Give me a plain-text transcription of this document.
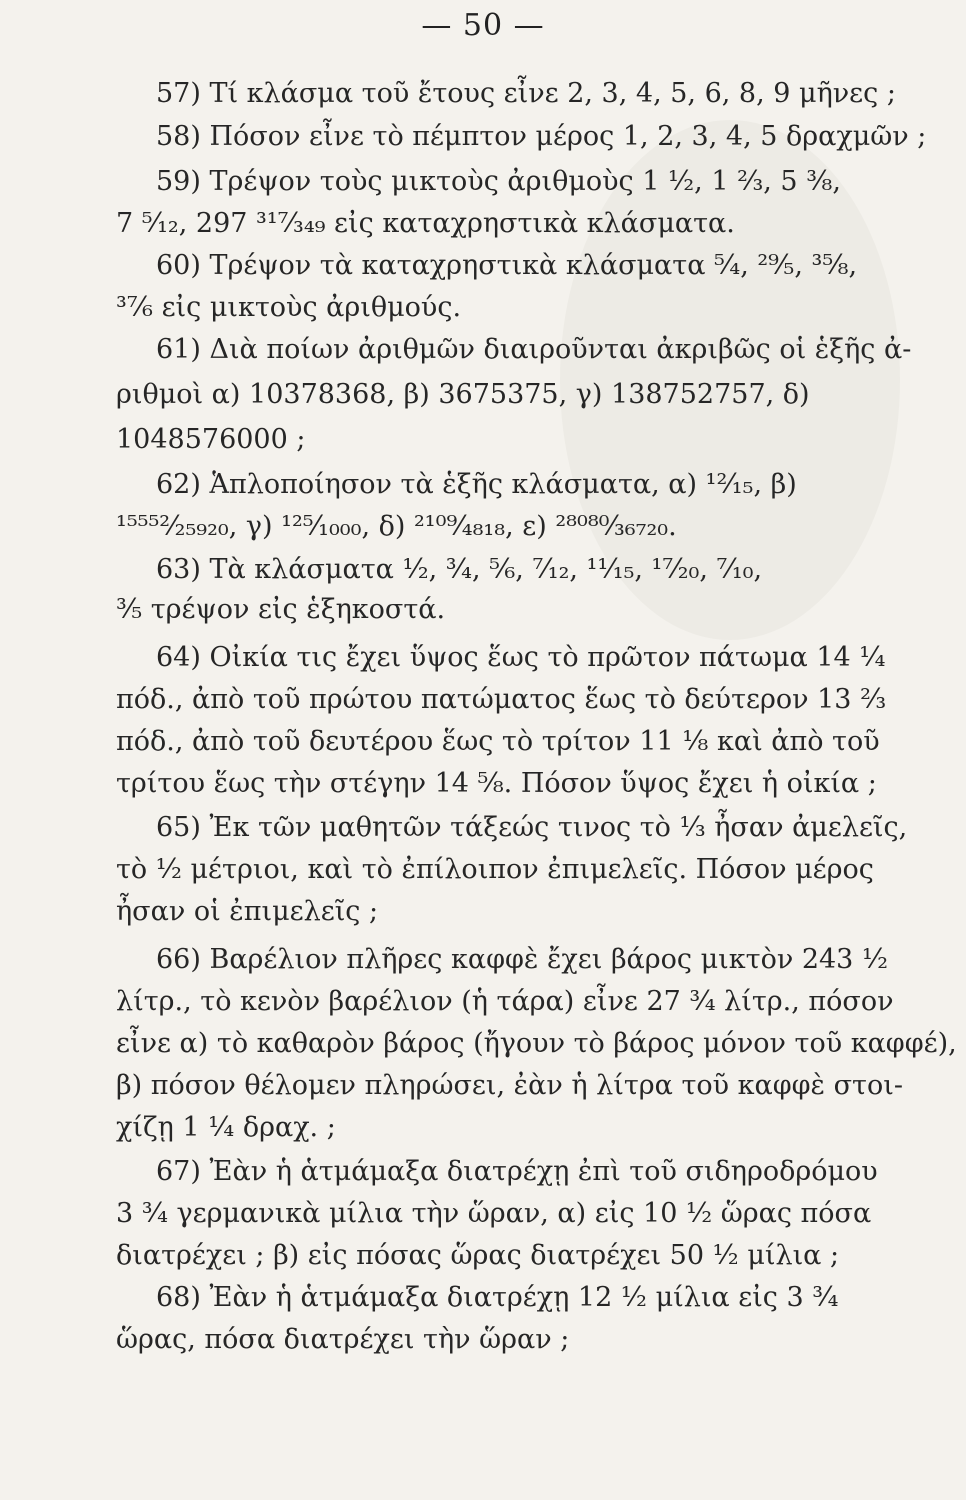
— 50 —
57) Τί κλάσμα τοῦ ἔτους εἶνε 2, 3, 4, 5, 6, 8, 9 μῆνες ;
58) Πόσον εἶνε τὸ πέμπτον μέρος 1, 2, 3, 4, 5 δραχμῶν ;
59) Τρέψον τοὺς μικτοὺς ἀριθμοὺς 1 ¹⁄₂, 1 ²⁄₃, 5 ³⁄₈,
7 ⁵⁄₁₂, 297 ³¹⁷⁄₃₄₉ εἰς καταχρηστικὰ κλάσματα.
60) Τρέψον τὰ καταχρηστικὰ κλάσματα ⁵⁄₄, ²⁹⁄₅, ³⁵⁄₈,
³⁷⁄₆ εἰς μικτοὺς ἀριθμούς.
61) Διὰ ποίων ἀριθμῶν διαιροῦνται ἀκριβῶς οἱ ἑξῆς ἀ-
ριθμοὶ α) 10378368, β) 3675375, γ) 138752757, δ)
1048576000 ;
62) Ἁπλοποίησον τὰ ἑξῆς κλάσματα, α) ¹²⁄₁₅, β)
¹⁵⁵⁵²⁄₂₅₉₂₀, γ) ¹²⁵⁄₁₀₀₀, δ) ²¹⁰⁹⁄₄₈₁₈, ε) ²⁸⁰⁸⁰⁄₃₆₇₂₀.
63) Τὰ κλάσματα ¹⁄₂, ³⁄₄, ⁵⁄₆, ⁷⁄₁₂, ¹¹⁄₁₅, ¹⁷⁄₂₀, ⁷⁄₁₀,
³⁄₅ τρέψον εἰς ἑξηκοστά.
64) Οἰκία τις ἔχει ὕψος ἕως τὸ πρῶτον πάτωμα 14 ¹⁄₄
πόδ., ἀπὸ τοῦ πρώτου πατώματος ἕως τὸ δεύτερον 13 ²⁄₃
πόδ., ἀπὸ τοῦ δευτέρου ἕως τὸ τρίτον 11 ¹⁄₈ καὶ ἀπὸ τοῦ
τρίτου ἕως τὴν στέγην 14 ⁵⁄₈. Πόσον ὕψος ἔχει ἡ οἰκία ;
65) Ἐκ τῶν μαθητῶν τάξεώς τινος τὸ ¹⁄₃ ἦσαν ἀμελεῖς,
τὸ ¹⁄₂ μέτριοι, καὶ τὸ ἐπίλοιπον ἐπιμελεῖς. Πόσον μέρος
ἦσαν οἱ ἐπιμελεῖς ;
66) Βαρέλιον πλῆρες καφφὲ ἔχει βάρος μικτὸν 243 ¹⁄₂
λίτρ., τὸ κενὸν βαρέλιον (ἡ τάρα) εἶνε 27 ³⁄₄ λίτρ., πόσον
εἶνε α) τὸ καθαρὸν βάρος (ἤγουν τὸ βάρος μόνον τοῦ καφφέ),
β) πόσον θέλομεν πληρώσει, ἐὰν ἡ λίτρα τοῦ καφφὲ στοι-
χίζῃ 1 ¹⁄₄ δραχ. ;
67) Ἐὰν ἡ ἁτμάμαξα διατρέχῃ ἐπὶ τοῦ σιδηροδρόμου
3 ³⁄₄ γερμανικὰ μίλια τὴν ὥραν, α) εἰς 10 ¹⁄₂ ὥρας πόσα
διατρέχει ; β) εἰς πόσας ὥρας διατρέχει 50 ¹⁄₂ μίλια ;
68) Ἐὰν ἡ ἁτμάμαξα διατρέχῃ 12 ¹⁄₂ μίλια εἰς 3 ³⁄₄
ὥρας, πόσα διατρέχει τὴν ὥραν ;
